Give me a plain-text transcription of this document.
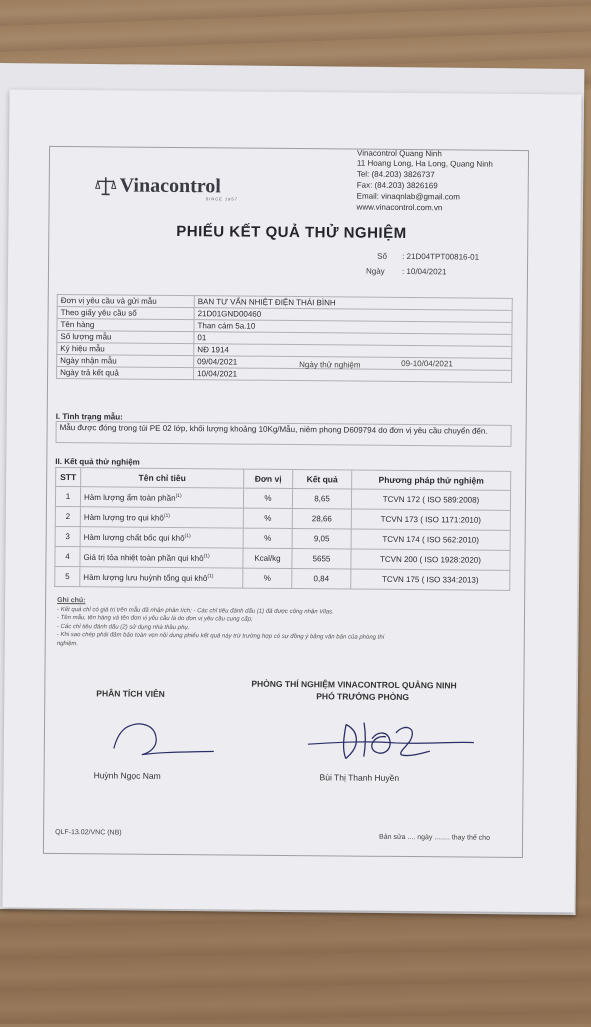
Vinacontrol
SINCE 1957
Vinacontrol Quang Ninh
11 Hoang Long, Ha Long, Quang Ninh
Tel: (84.203) 3826737
Fax: (84.203) 3826169
Email: vinaqnlab@gmail.com
www.vinacontrol.com.vn
PHIẾU KẾT QUẢ THỬ NGHIỆM
Số : 21D04TPT00816-01
Ngày : 10/04/2021
Đơn vị yêu cầu và gửi mẫu	BAN TƯ VẤN NHIỆT ĐIỆN THÁI BÌNH
Theo giấy yêu cầu số	21D01GND00460
Tên hàng	Than cám 5a.10
Số lượng mẫu	01
Ký hiệu mẫu	NĐ 1914
Ngày nhận mẫu	09/04/2021
Ngày trả kết quả	10/04/2021
Ngày thử nghiệm	09-10/04/2021
I. Tình trạng mẫu:
Mẫu được đóng trong túi PE 02 lớp, khối lượng khoảng 10Kg/Mẫu, niêm phong D609794 do đơn vị yêu cầu chuyển đến.
II. Kết quả thử nghiệm
STT	Tên chỉ tiêu	Đơn vị	Kết quả	Phương pháp thử nghiệm
1	Hàm lượng ẩm toàn phần$^{(1)}$	%	8,65	TCVN 172 ( ISO 589:2008)
2	Hàm lượng tro qui khô$^{(1)}$	%	28,66	TCVN 173 ( ISO 1171:2010)
3	Hàm lượng chất bốc qui khô$^{(1)}$	%	9,05	TCVN 174 ( ISO 562:2010)
4	Giá trị tỏa nhiệt toàn phần qui khô$^{(1)}$	Kcal/kg	5655	TCVN 200 ( ISO 1928:2020)
5	Hàm lượng lưu huỳnh tổng qui khô$^{(1)}$	%	0,84	TCVN 175 ( ISO 334:2013)
Ghi chú:
- Kết quả chỉ có giá trị trên mẫu đã nhận phân tích; - Các chỉ tiêu đánh dấu (1) đã được công nhận Vilas.
- Tên mẫu, tên hàng và tên đơn vị yêu cầu là do đơn vị yêu cầu cung cấp;
- Các chỉ tiêu đánh dấu (2) sử dụng nhà thầu phụ.
- Khi sao chép phải đảm bảo toàn vẹn nội dung phiếu kết quả này trừ trường hợp có sự đồng ý bằng văn bản của phòng thí
nghiệm.
PHÂN TÍCH VIÊN
PHÒNG THÍ NGHIỆM VINACONTROL QUẢNG NINH
PHÓ TRƯỞNG PHÒNG
Huỳnh Ngọc Nam	Bùi Thị Thanh Huyền
QLF-13.02/VNC (NB)
Bản sửa .... ngày ........ thay thế cho
